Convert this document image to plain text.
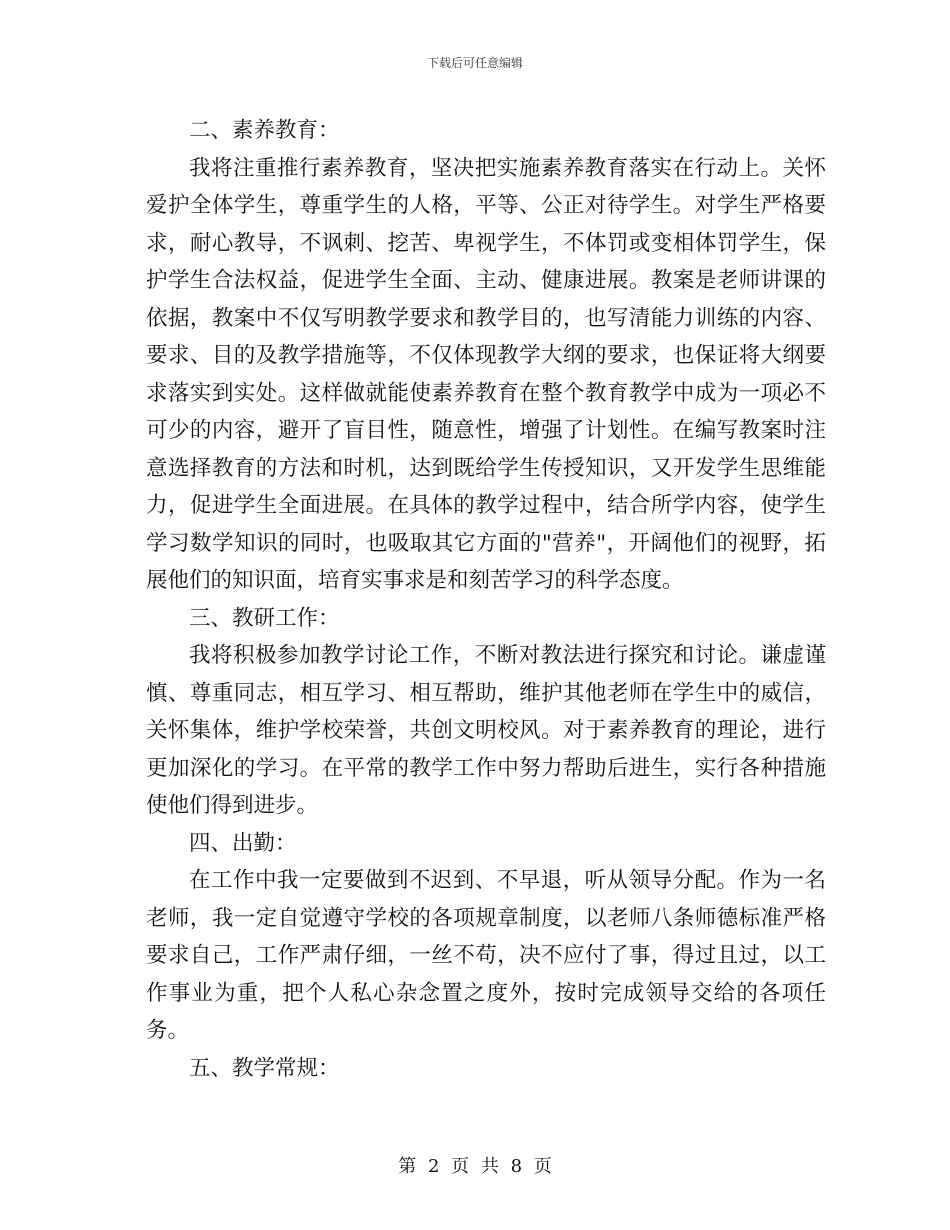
下载后可任意编辑

二、素养教育：

我将注重推行素养教育，坚决把实施素养教育落实在行动上。关怀爱护全体学生，尊重学生的人格，平等、公正对待学生。对学生严格要求，耐心教导，不讽刺、挖苦、卑视学生，不体罚或变相体罚学生，保护学生合法权益，促进学生全面、主动、健康进展。教案是老师讲课的依据，教案中不仅写明教学要求和教学目的，也写清能力训练的内容、要求、目的及教学措施等，不仅体现教学大纲的要求，也保证将大纲要求落实到实处。这样做就能使素养教育在整个教育教学中成为一项必不可少的内容，避开了盲目性，随意性，增强了计划性。在编写教案时注意选择教育的方法和时机，达到既给学生传授知识，又开发学生思维能力，促进学生全面进展。在具体的教学过程中，结合所学内容，使学生学习数学知识的同时，也吸取其它方面的"营养"，开阔他们的视野，拓展他们的知识面，培育实事求是和刻苦学习的科学态度。

三、教研工作：

我将积极参加教学讨论工作，不断对教法进行探究和讨论。谦虚谨慎、尊重同志，相互学习、相互帮助，维护其他老师在学生中的威信，关怀集体，维护学校荣誉，共创文明校风。对于素养教育的理论，进行更加深化的学习。在平常的教学工作中努力帮助后进生，实行各种措施使他们得到进步。

四、出勤：

在工作中我一定要做到不迟到、不早退，听从领导分配。作为一名老师，我一定自觉遵守学校的各项规章制度，以老师八条师德标准严格要求自己，工作严肃仔细，一丝不苟，决不应付了事，得过且过，以工作事业为重，把个人私心杂念置之度外，按时完成领导交给的各项任务。

五、教学常规：

第 2 页 共 8 页
